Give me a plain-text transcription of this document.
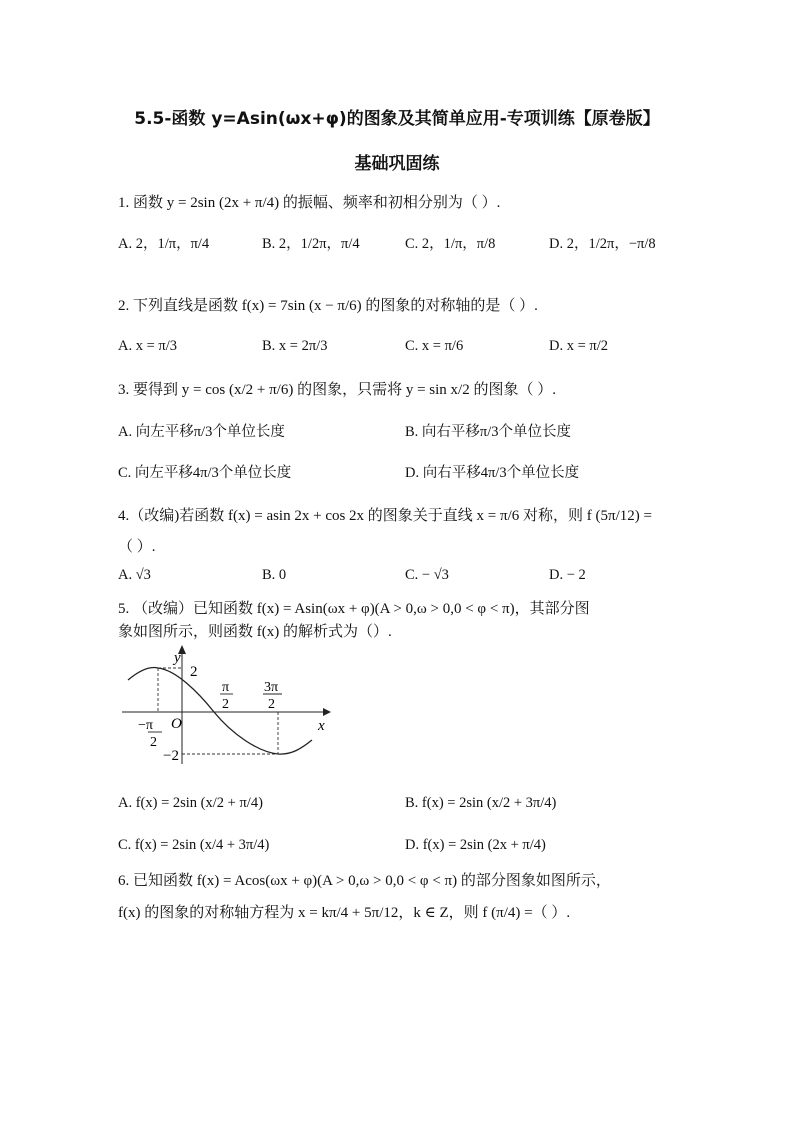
5.5-函数 y=Asin(ωx+φ)的图象及其简单应用-专项训练【原卷版】
基础巩固练
1. 函数 y = 2sin (2x + π/4) 的振幅、频率和初相分别为（ ）.
A. 2，1/π，π/4	B. 2，1/2π，π/4	C. 2，1/π，π/8	D. 2，1/2π，−π/8
2. 下列直线是函数 f(x) = 7sin (x − π/6) 的图象的对称轴的是（ ）.
A. x = π/3	B. x = 2π/3	C. x = π/6	D. x = π/2
3. 要得到 y = cos (x/2 + π/6) 的图象，只需将 y = sin x/2 的图象（ ）.
A. 向左平移π/3个单位长度	B. 向右平移π/3个单位长度
C. 向左平移4π/3个单位长度	D. 向右平移4π/3个单位长度
4.（改编)若函数 f(x) = asin 2x + cos 2x 的图象关于直线 x = π/6 对称，则 f (5π/12) =
（ ）.
A. √3	B. 0	C. − √3	D. − 2
5. （改编）已知函数 f(x) = Asin(ωx + φ)(A > 0,ω > 0,0 < φ < π)，其部分图
象如图所示，则函数 f(x) 的解析式为（）.
y
x
O
2
−2
π
2
3π
2
−π
2
A. f(x) = 2sin (x/2 + π/4)	B. f(x) = 2sin (x/2 + 3π/4)
C. f(x) = 2sin (x/4 + 3π/4)	D. f(x) = 2sin (2x + π/4)
6. 已知函数 f(x) = Acos(ωx + φ)(A > 0,ω > 0,0 < φ < π) 的部分图象如图所示，
f(x) 的图象的对称轴方程为 x = kπ/4 + 5π/12，k ∈ Z，则 f (π/4) =（ ）.
